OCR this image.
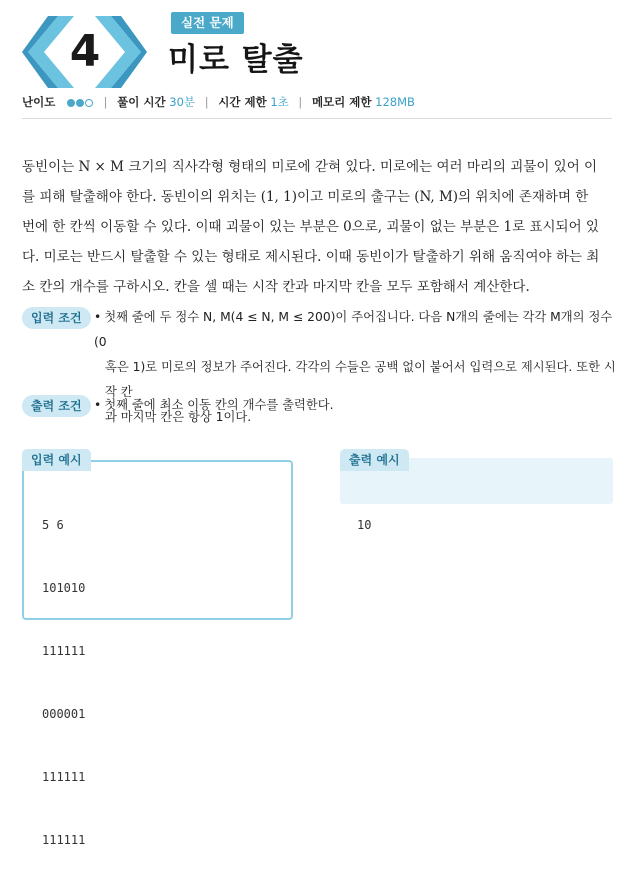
4
실전 문제
미로 탈출
난이도	| 풀이 시간 30분 | 시간 제한 1초 | 메모리 제한 128MB
동빈이는 N × M 크기의 직사각형 형태의 미로에 갇혀 있다. 미로에는 여러 마리의 괴물이 있어 이
를 피해 탈출해야 한다. 동빈이의 위치는 (1, 1)이고 미로의 출구는 (N, M)의 위치에 존재하며 한
번에 한 칸씩 이동할 수 있다. 이때 괴물이 있는 부분은 0으로, 괴물이 없는 부분은 1로 표시되어 있
다. 미로는 반드시 탈출할 수 있는 형태로 제시된다. 이때 동빈이가 탈출하기 위해 움직여야 하는 최
소 칸의 개수를 구하시오. 칸을 셀 때는 시작 칸과 마지막 칸을 모두 포함해서 계산한다.
입력 조건	• 첫째 줄에 두 정수 N, M(4 ≤ N, M ≤ 200)이 주어집니다. 다음 N개의 줄에는 각각 M개의 정수(0
혹은 1)로 미로의 정보가 주어진다. 각각의 수들은 공백 없이 붙어서 입력으로 제시된다. 또한 시작 칸
과 마지막 칸은 항상 1이다.
출력 조건	• 첫째 줄에 최소 이동 칸의 개수를 출력한다.
입력 예시

5 6

101010

111111

000001

111111

111111

출력 예시

10
